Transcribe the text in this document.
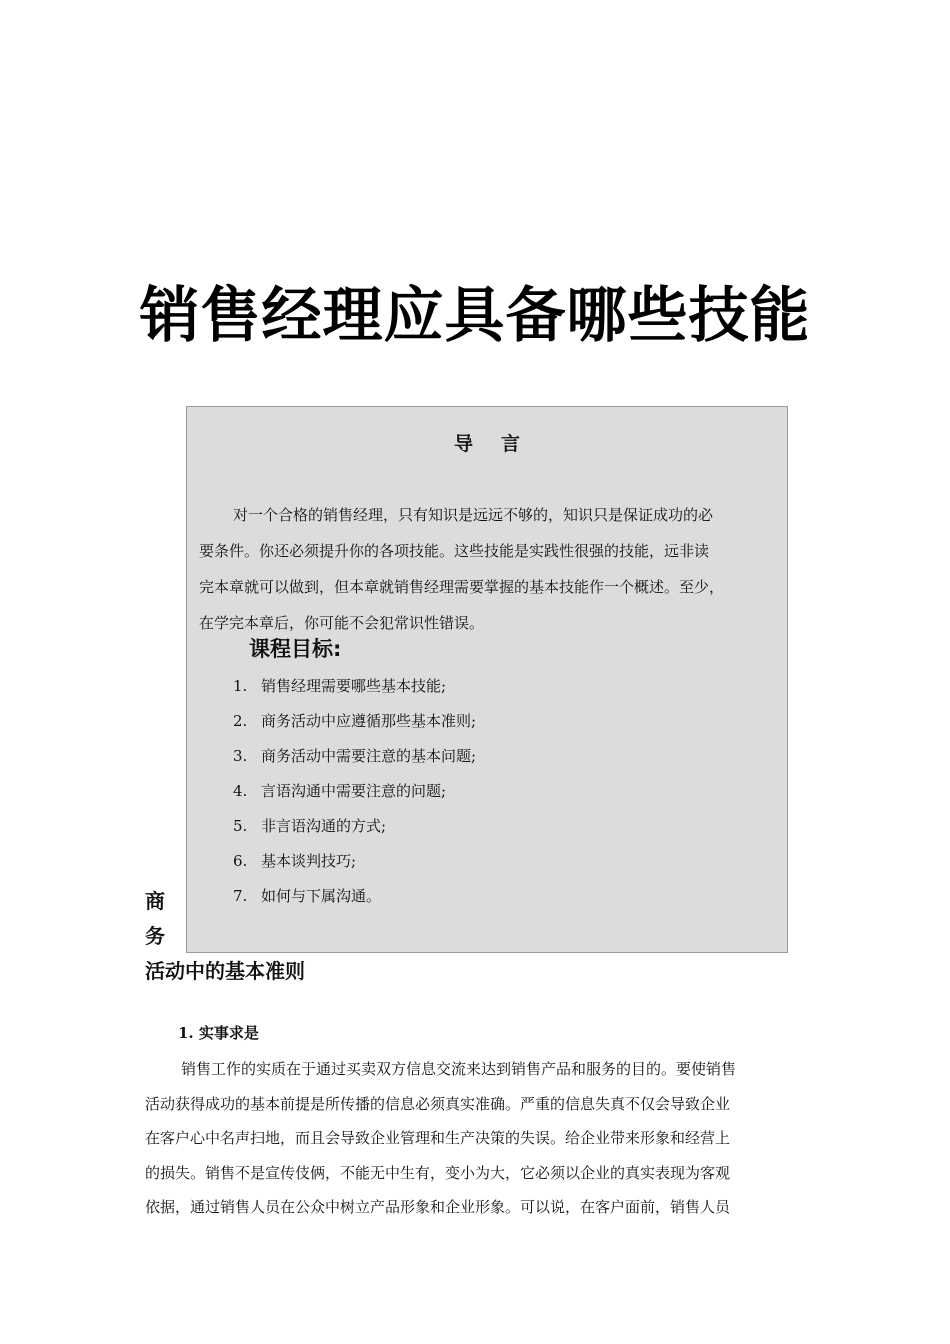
销售经理应具备哪些技能
导言

对一个合格的销售经理，只有知识是远远不够的，知识只是保证成功的必
要条件。你还必须提升你的各项技能。这些技能是实践性很强的技能，远非读
完本章就可以做到，但本章就销售经理需要掌握的基本技能作一个概述。至少，
在学完本章后，你可能不会犯常识性错误。

课程目标:
1. 销售经理需要哪些基本技能;
2. 商务活动中应遵循那些基本准则;
3. 商务活动中需要注意的基本问题;
4. 言语沟通中需要注意的问题;
5. 非言语沟通的方式;
6. 基本谈判技巧;
7. 如何与下属沟通。
商
务
活动中的基本准则
1. 实事求是

销售工作的实质在于通过买卖双方信息交流来达到销售产品和服务的目的。要使销售
活动获得成功的基本前提是所传播的信息必须真实准确。严重的信息失真不仅会导致企业
在客户心中名声扫地，而且会导致企业管理和生产决策的失误。给企业带来形象和经营上
的损失。销售不是宣传伎俩，不能无中生有，变小为大，它必须以企业的真实表现为客观
依据，通过销售人员在公众中树立产品形象和企业形象。可以说，在客户面前，销售人员
